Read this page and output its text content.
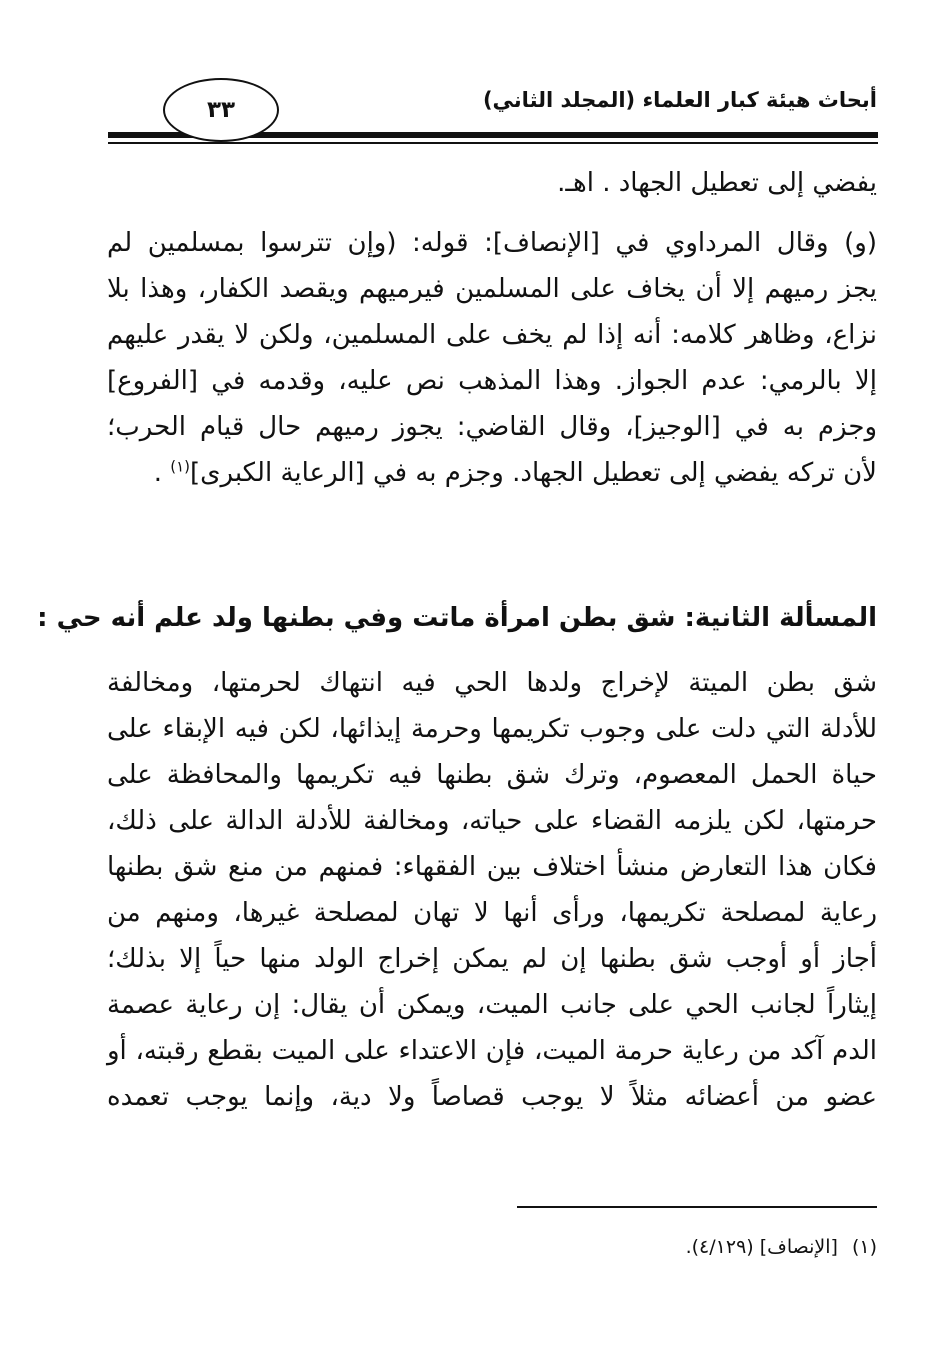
أبحاث هيئة كبار العلماء (المجلد الثاني)
٣٣
يفضي إلى تعطيل الجهاد . اهـ.
(و) وقال المرداوي في [الإنصاف]: قوله: (وإن تترسوا بمسلمين لم
يجز رميهم إلا أن يخاف على المسلمين فيرميهم ويقصد الكفار، وهذا بلا
نزاع، وظاهر كلامه: أنه إذا لم يخف على المسلمين، ولكن لا يقدر عليهم
إلا بالرمي: عدم الجواز. وهذا المذهب نص عليه، وقدمه في [الفروع]
وجزم به في [الوجيز]، وقال القاضي: يجوز رميهم حال قيام الحرب؛
لأن تركه يفضي إلى تعطيل الجهاد. وجزم به في [الرعاية الكبرى]$^{(١)}$ .
المسألة الثانية: شق بطن امرأة ماتت وفي بطنها ولد علم أنه حي :
شق بطن الميتة لإخراج ولدها الحي فيه انتهاك لحرمتها، ومخالفة
للأدلة التي دلت على وجوب تكريمها وحرمة إيذائها، لكن فيه الإبقاء على
حياة الحمل المعصوم، وترك شق بطنها فيه تكريمها والمحافظة على
حرمتها، لكن يلزمه القضاء على حياته، ومخالفة للأدلة الدالة على ذلك،
فكان هذا التعارض منشأ اختلاف بين الفقهاء: فمنهم من منع شق بطنها
رعاية لمصلحة تكريمها، ورأى أنها لا تهان لمصلحة غيرها، ومنهم من
أجاز أو أوجب شق بطنها إن لم يمكن إخراج الولد منها حياً إلا بذلك؛
إيثاراً لجانب الحي على جانب الميت، ويمكن أن يقال: إن رعاية عصمة
الدم آكد من رعاية حرمة الميت، فإن الاعتداء على الميت بقطع رقبته، أو
عضو من أعضائه مثلاً لا يوجب قصاصاً ولا دية، وإنما يوجب تعمده
(١)[الإنصاف] (٤/١٢٩).
